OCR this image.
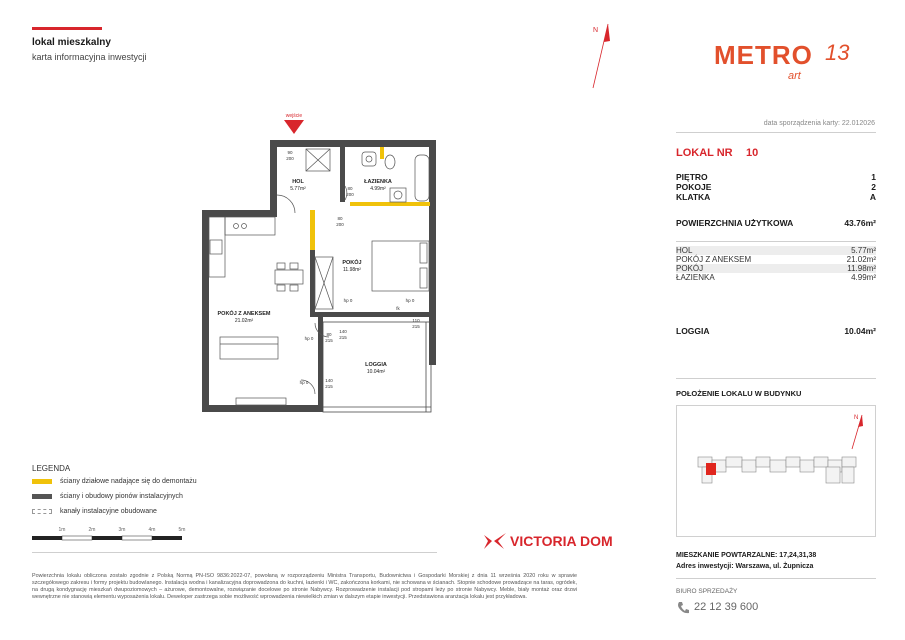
lokal mieszkalny
karta informacyjna inwestycji
N
METRO
art
13
data sporządzenia karty: 22.012026
LOKAL NR 10
PIĘTRO	1
POKOJE	2
KLATKA	A
POWIERZCHNIA UŻYTKOWA	43.76m²
HOL	5.77m²
POKÓJ Z ANEKSEM	21.02m²
POKÓJ	11.98m²
ŁAZIENKA	4.99m²
LOGGIA	10.04m²
POŁOŻENIE LOKALU W BUDYNKU
N
wejście
HOL
5.77m²
ŁAZIENKA
4.99m²
POKÓJ
11.98m²
POKÓJ Z ANEKSEM
21.02m²
LOGGIA
10.04m²
90
200
80
200
80
200
80
215
140
215
110
215
140
215
hp 0	hp 0
hp 0
hp 0
fk
LEGENDA
ściany działowe nadające się do demontażu
ściany i obudowy pionów instalacyjnych
kanały instalacyjne obudowane
1m	2m	3m	4m	5m
VICTORIA DOM
Powierzchnia lokalu obliczona zostało zgodnie z Polską Normą PN-ISO 9836:2022-07, powołaną w rozporządzeniu Ministra Transportu, Budownictwa i Gospodarki Morskiej z dnia 11 września 2020 roku w sprawie szczegółowego zakresu i formy projektu budowlanego. Instalacja wodna i kanalizacyjna doprowadzona do kuchni, łazienki i WC, zakończona korkami, nie schowana w ścianach. Stopnie schodowe prowadzące na taras, ogródek, na drugą kondygnację mieszkań dwupoziomowych – ażurowe, demontowalne, rozwiązanie docelowe po stronie Nabywcy. Rozprowadzenie instalacji pod stropami leży po stronie Nabywcy. Meble, biały montaż oraz drzwi wewnętrzne nie stanowią elementu wyposażenia lokalu. Deweloper zastrzega sobie możliwość wprowadzenia niewielkich zmian w dalszym etapie inwestycji. Przedstawiona aranżacja lokalu jest przykładowa.
MIESZKANIE POWTARZALNE: 17,24,31,38
Adres inwestycji: Warszawa, ul. Żupnicza
BIURO SPRZEDAŻY
22 12 39 600
